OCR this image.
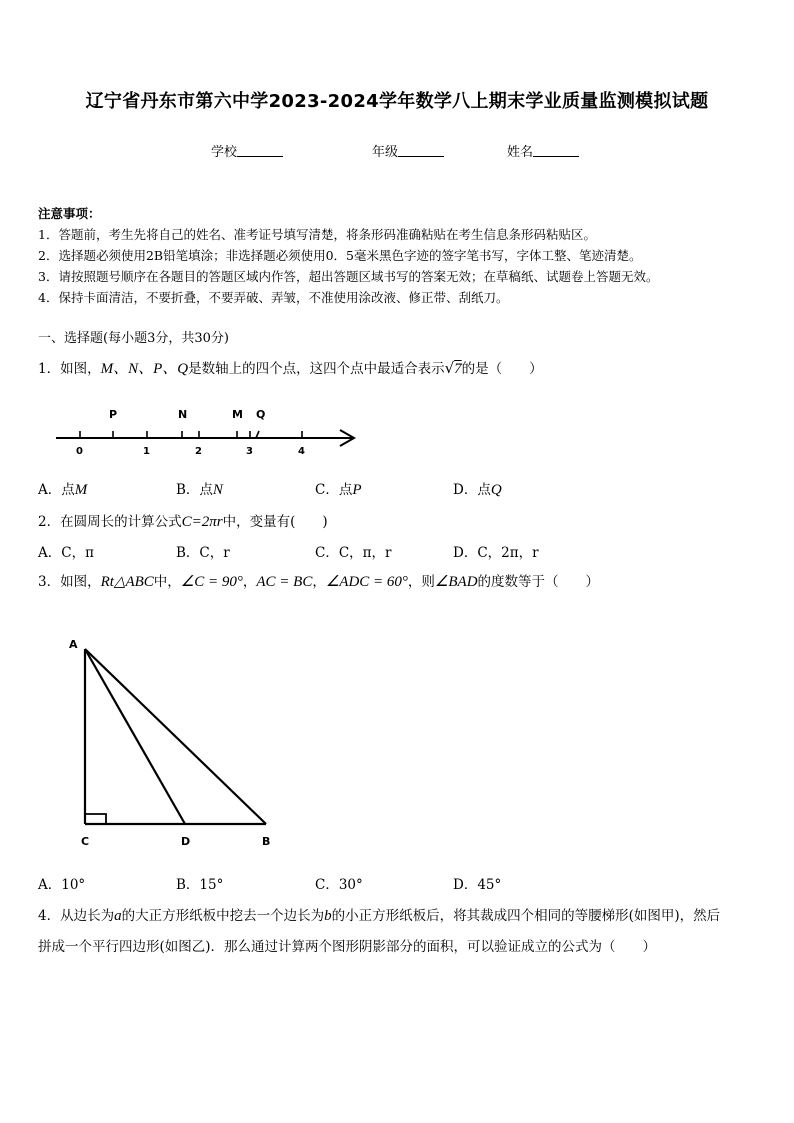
辽宁省丹东市第六中学2023-2024学年数学八上期末学业质量监测模拟试题
学校	年级	姓名
注意事项：
1．答题前，考生先将自己的姓名、准考证号填写清楚，将条形码准确粘贴在考生信息条形码粘贴区。
2．选择题必须使用2B铅笔填涂；非选择题必须使用0．5毫米黑色字迹的签字笔书写，字体工整、笔迹清楚。
3．请按照题号顺序在各题目的答题区域内作答，超出答题区域书写的答案无效；在草稿纸、试题卷上答题无效。
4．保持卡面清洁，不要折叠，不要弄破、弄皱，不准使用涂改液、修正带、刮纸刀。
一、选择题(每小题3分，共30分)
1．如图，M、N、P、Q是数轴上的四个点，这四个点中最适合表示√7的是（　　）
P	N	M Q
0	1	2	3	4
A．点M	B．点N	C．点P	D．点Q
2．在圆周长的计算公式C=2πr中，变量有(　　)
A．C，π	B．C，r	C．C，π，r	D．C，2π，r
3．如图，Rt△ABC中，∠C = 90°，AC = BC，∠ADC = 60°，则∠BAD的度数等于（　　）
A
C	D	B
A．10°	B．15°	C．30°	D．45°
4．从边长为a的大正方形纸板中挖去一个边长为b的小正方形纸板后，将其裁成四个相同的等腰梯形(如图甲)，然后
拼成一个平行四边形(如图乙)．那么通过计算两个图形阴影部分的面积，可以验证成立的公式为（　　）
